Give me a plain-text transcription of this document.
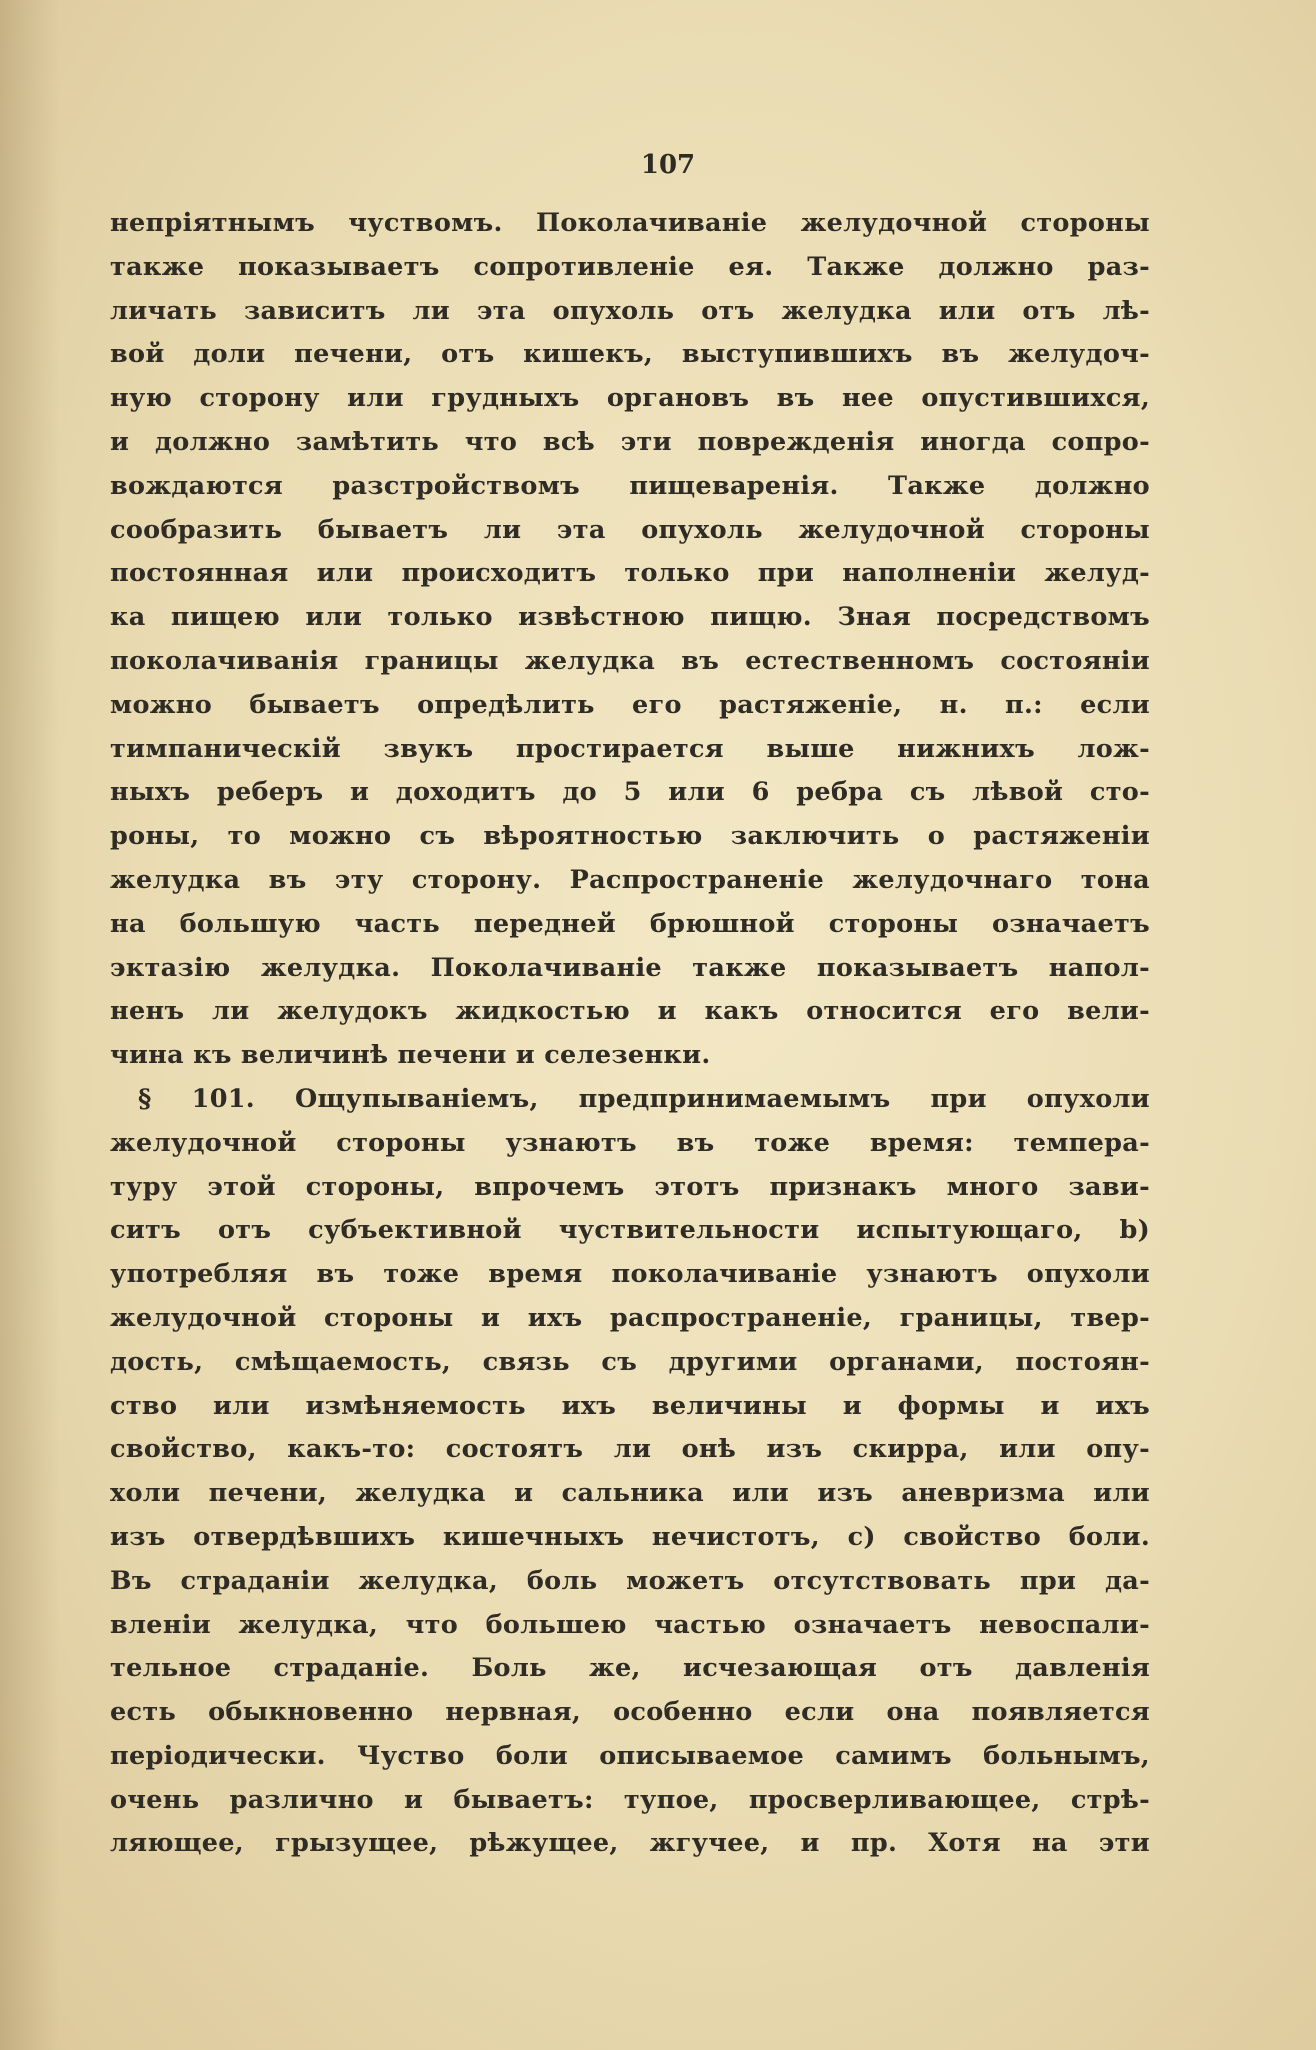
107
непріятнымъ чуствомъ. Поколачиваніе желудочной стороны
также показываетъ сопротивленіе ея. Также должно раз-
личать зависитъ ли эта опухоль отъ желудка или отъ лѣ-
вой доли печени, отъ кишекъ, выступившихъ въ желудоч-
ную сторону или грудныхъ органовъ въ нее опустившихся,
и должно замѣтить что всѣ эти поврежденія иногда сопро-
вождаются разстройствомъ пищеваренія. Также должно
сообразить бываетъ ли эта опухоль желудочной стороны
постоянная или происходитъ только при наполненіи желуд-
ка пищею или только извѣстною пищю. Зная посредствомъ
поколачиванія границы желудка въ естественномъ состояніи
можно бываетъ опредѣлить его растяженіе, н. п.: если
тимпаническій звукъ простирается выше нижнихъ лож-
ныхъ реберъ и доходитъ до 5 или 6 ребра съ лѣвой сто-
роны, то можно съ вѣроятностью заключить о растяженіи
желудка въ эту сторону. Распространеніе желудочнаго тона
на большую часть передней брюшной стороны означаетъ
эктазію желудка. Поколачиваніе также показываетъ напол-
ненъ ли желудокъ жидкостью и какъ относится его вели-
чина къ величинѣ печени и селезенки.
§ 101. Ощупываніемъ, предпринимаемымъ при опухоли
желудочной стороны узнаютъ въ тоже время: темпера-
туру этой стороны, впрочемъ этотъ признакъ много зави-
ситъ отъ субъективной чуствительности испытующаго, b)
употребляя въ тоже время поколачиваніе узнаютъ опухоли
желудочной стороны и ихъ распространеніе, границы, твер-
дость, смѣщаемость, связь съ другими органами, постоян-
ство или измѣняемость ихъ величины и формы и ихъ
свойство, какъ-то: состоятъ ли онѣ изъ скирра, или опу-
холи печени, желудка и сальника или изъ аневризма или
изъ отвердѣвшихъ кишечныхъ нечистотъ, c) свойство боли.
Въ страданіи желудка, боль можетъ отсутствовать при да-
вленіи желудка, что большею частью означаетъ невоспали-
тельное страданіе. Боль же, исчезающая отъ давленія
есть обыкновенно нервная, особенно если она появляется
періодически. Чуство боли описываемое самимъ больнымъ,
очень различно и бываетъ: тупое, просверливающее, стрѣ-
ляющее, грызущее, рѣжущее, жгучее, и пр. Хотя на эти
